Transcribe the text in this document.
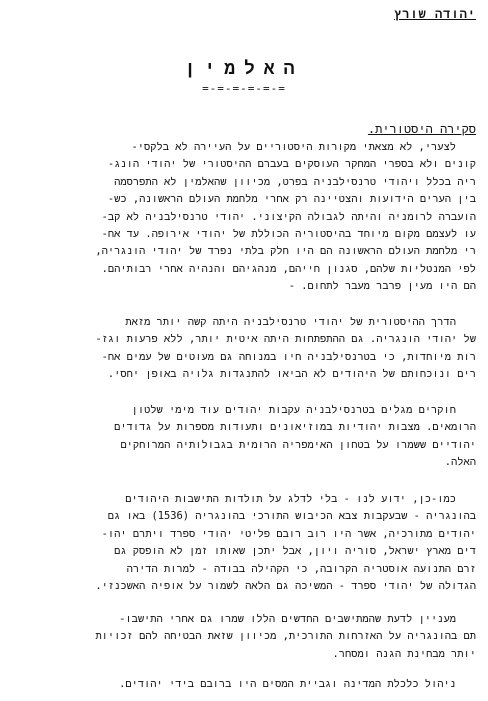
יהודה שורץ
האלמין
=-=-=-=-=-=
סקירה היסטורית.
לצערי, לא מצאתי מקורות היסטוריים על העיירה לא בלקסי-
קונים ולא בספרי המחקר העוסקים בעברם ההיסטורי של יהודי הונג-
ריה בכלל ויהודי טרנסילבניה בפרט, מכיוון שהאלמין לא התפרסמה
בין הערים הידועות והצטיינה רק אחרי מלחמת העולם הראשונה, כש-
הועברה לרומניה והיתה לגבולה הקיצוני. יהודי טרנסילבניה לא קב-
עו לעצמם מקום מיוחד בהיסטוריה הכוללת של יהודי אירופה. עד אח-
רי מלחמת העולם הראשונה הם היו חלק בלתי נפרד של יהודי הונגריה,
לפי המנטליות שלהם, סגנון חייהם, מנהגיהם והנהיה אחרי רבותיהם.
הם היו מעין פרבר מעבר לתחום. -
הדרך ההיסטורית של יהודי טרנסילבניה היתה קשה יותר מזאת
של יהודי הונגריה. גם ההתפתחות היתה איטית יותר, ללא פרעות וגז-
רות מיוחדות, כי בטרנסילבניה חיו במנוחה גם מעוטים של עמים אח-
רים ונוכחותם של היהודים לא הביאו להתנגדות גלויה באופן יחסי.
חוקרים מגלים בטרנסילבניה עקבות יהודים עוד מימי שלטון
הרומאים. מצבות יהודיות במוזיאונים ותעודות מספרות על גדודים
יהודיים ששמרו על בטחון האימפריה הרומית בגבולותיה המרוחקים
האלה.
כמו-כן, ידוע לנו - בלי לדלג על תולדות התישבות היהודים
בהונגריה - שבעקבות צבא הכיבוש התורכי בהונגריה (1536) באו גם
יהודים מתורכיה, אשר היו רוב רובם פליטי יהודי ספרד ויתרם יהו-
דים מארץ ישראל, סוריה ויון, אבל יתכן שאותו זמן לא הופסק גם
זרם התנועה אוסטריה הקרובה, כי הקהילה בבודה - למרות הדירה
הגדולה של יהודי ספרד - המשיכה גם הלאה לשמור על אופיה האשכנזי.
מעניין לדעת שהמתישבים החדשים הללו שמרו גם אחרי התישבו-
תם בהונגריה על האזרחות התורכית, מכיוון שזאת הבטיחה להם זכויות
יותר מבחינת הגנה ומסחר.
ניהול כלכלת המדינה וגביית המסים היו ברובם בידי יהודים.
